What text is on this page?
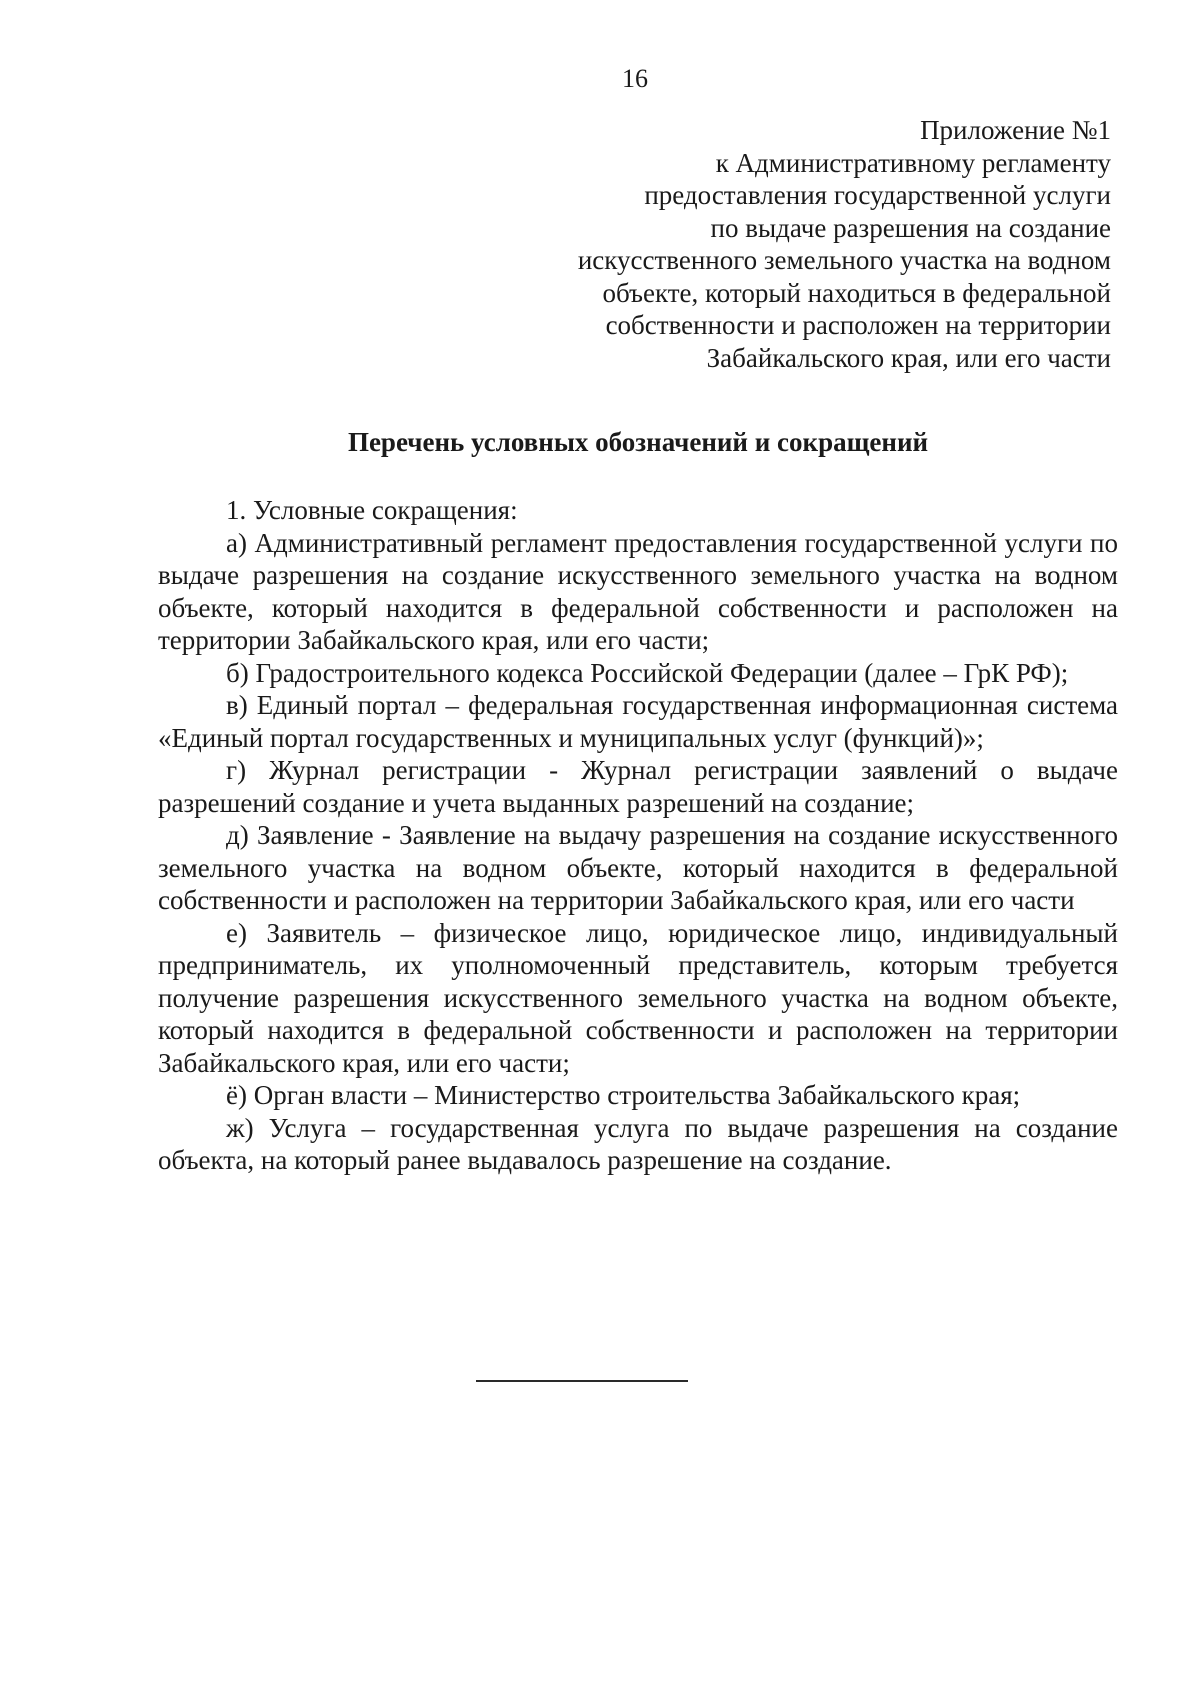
16
Приложение №1
к Административному регламенту
предоставления государственной услуги
по выдаче разрешения на создание
искусственного земельного участка на водном
объекте, который находиться в федеральной
собственности и расположен на территории
Забайкальского края, или его части
Перечень условных обозначений и сокращений

1. Условные сокращения:

а) Административный регламент предоставления государственной услуги по выдаче разрешения на создание искусственного земельного участка на водном объекте, который находится в федеральной собственности и расположен на территории Забайкальского края, или его части;

б) Градостроительного кодекса Российской Федерации (далее – ГрК РФ);

в) Единый портал – федеральная государственная информационная система «Единый портал государственных и муниципальных услуг (функций)»;

г) Журнал регистрации - Журнал регистрации заявлений о выдаче разрешений создание и учета выданных разрешений на создание;

д) Заявление - Заявление на выдачу разрешения на создание искусственного земельного участка на водном объекте, который находится в федеральной собственности и расположен на территории Забайкальского края, или его части

е) Заявитель – физическое лицо, юридическое лицо, индивидуальный предприниматель, их уполномоченный представитель, которым требуется получение разрешения искусственного земельного участка на водном объекте, который находится в федеральной собственности и расположен на территории Забайкальского края, или его части;

ё) Орган власти – Министерство строительства Забайкальского края;

ж) Услуга – государственная услуга по выдаче разрешения на создание объекта, на который ранее выдавалось разрешение на создание.
